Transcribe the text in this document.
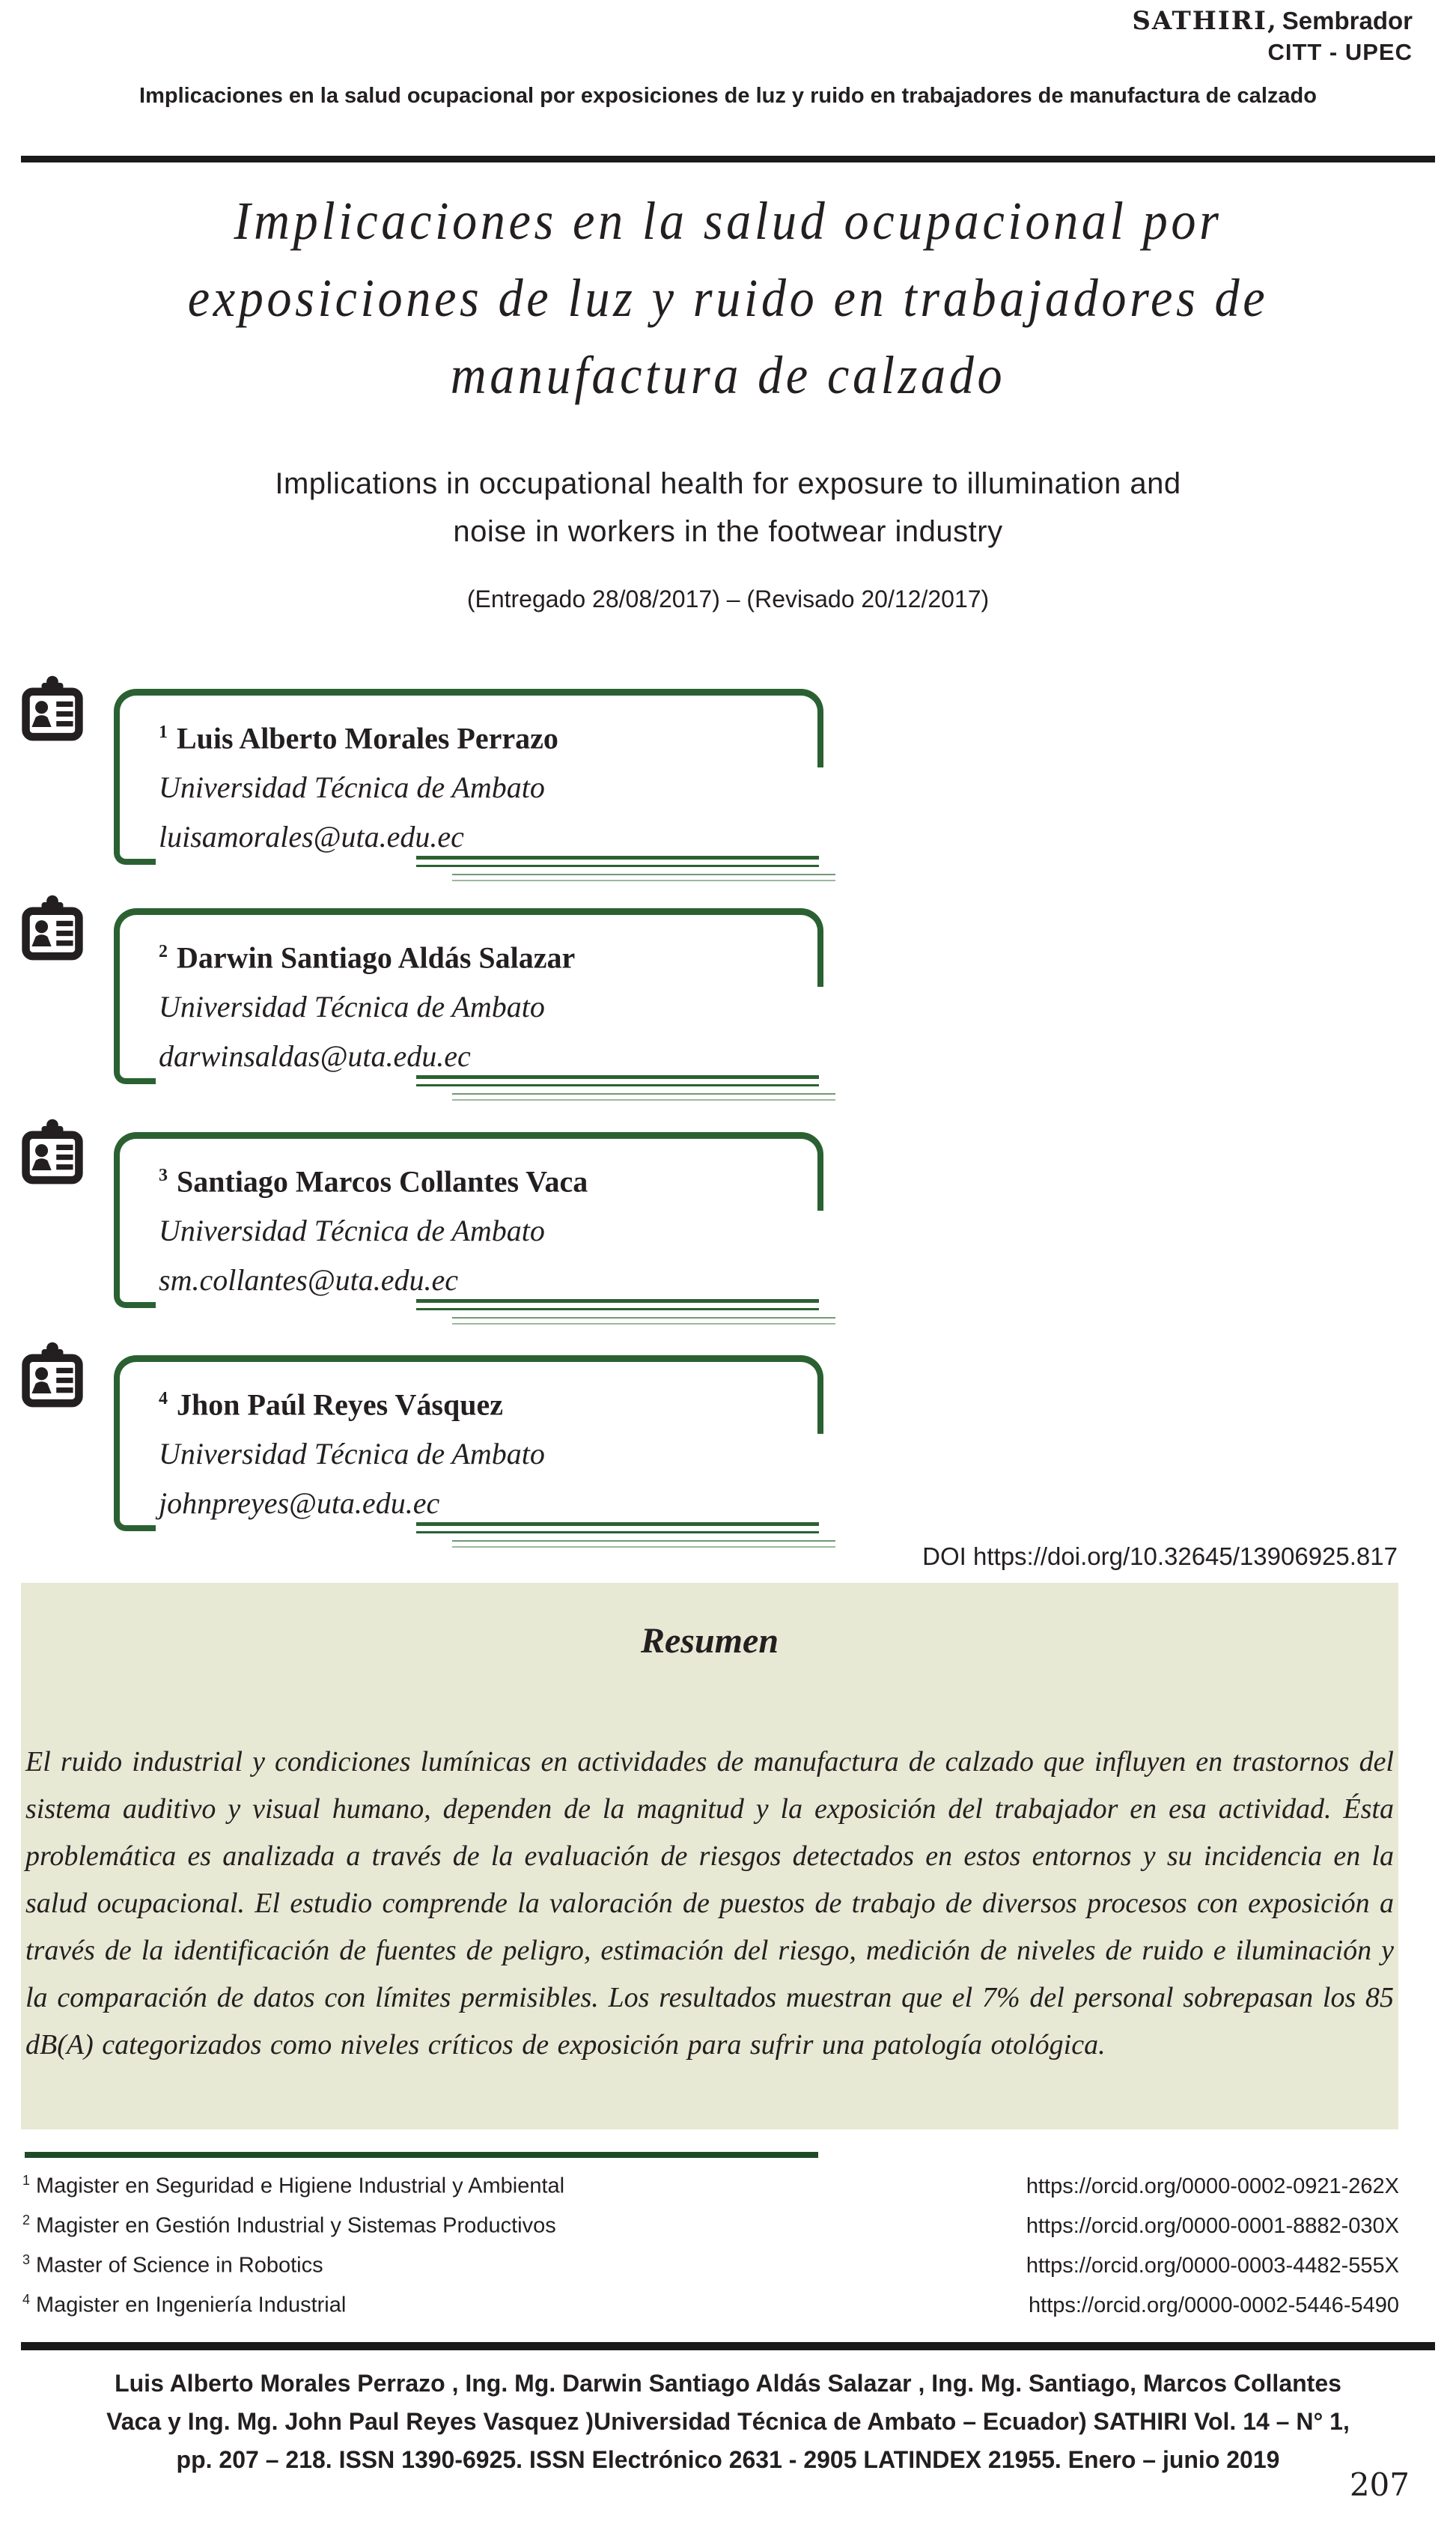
SATHIRI, Sembrador
CITT - UPEC
Implicaciones en la salud ocupacional por exposiciones de luz y ruido en trabajadores de manufactura de calzado
Implicaciones en la salud ocupacional por
exposiciones de luz y ruido en trabajadores de
manufactura de calzado
Implications in occupational health for exposure to illumination and
noise in workers in the footwear industry
(Entregado 28/08/2017) – (Revisado 20/12/2017)
$^1$ Luis Alberto Morales Perrazo
Universidad Técnica de Ambato
luisamorales@uta.edu.ec
$^2$ Darwin Santiago Aldás Salazar
Universidad Técnica de Ambato
darwinsaldas@uta.edu.ec
$^3$ Santiago Marcos Collantes Vaca
Universidad Técnica de Ambato
sm.collantes@uta.edu.ec
$^4$ Jhon Paúl Reyes Vásquez
Universidad Técnica de Ambato
johnpreyes@uta.edu.ec
DOI https://doi.org/10.32645/13906925.817
Resumen
El ruido industrial y condiciones lumínicas en actividades de manufactura de calzado que influyen en trastornos del sistema auditivo y visual humano, dependen de la magnitud y la exposición del trabajador en esa actividad. Ésta problemática es analizada a través de la evaluación de riesgos detectados en estos entornos y su incidencia en la salud ocupacional. El estudio comprende la valoración de puestos de trabajo de diversos procesos con exposición a través de la identificación de fuentes de peligro, estimación del riesgo, medición de niveles de ruido e iluminación y la comparación de datos con límites permisibles. Los resultados muestran que el 7% del personal sobrepasan los 85 dB(A) categorizados como niveles críticos de exposición para sufrir una patología otológica.
$^1$ Magister en Seguridad e Higiene Industrial y Ambiental	https://orcid.org/0000-0002-0921-262X
$^2$ Magister en Gestión Industrial y Sistemas Productivos	https://orcid.org/0000-0001-8882-030X
$^3$ Master of Science in Robotics	https://orcid.org/0000-0003-4482-555X
$^4$ Magister en Ingeniería Industrial	https://orcid.org/0000-0002-5446-5490
Luis Alberto Morales Perrazo , Ing. Mg. Darwin Santiago Aldás Salazar , Ing. Mg. Santiago, Marcos Collantes
Vaca y Ing. Mg. John Paul Reyes Vasquez )Universidad Técnica de Ambato – Ecuador) SATHIRI Vol. 14 – N° 1,
pp. 207 – 218. ISSN 1390-6925. ISSN Electrónico 2631 - 2905 LATINDEX 21955. Enero – junio 2019
207
